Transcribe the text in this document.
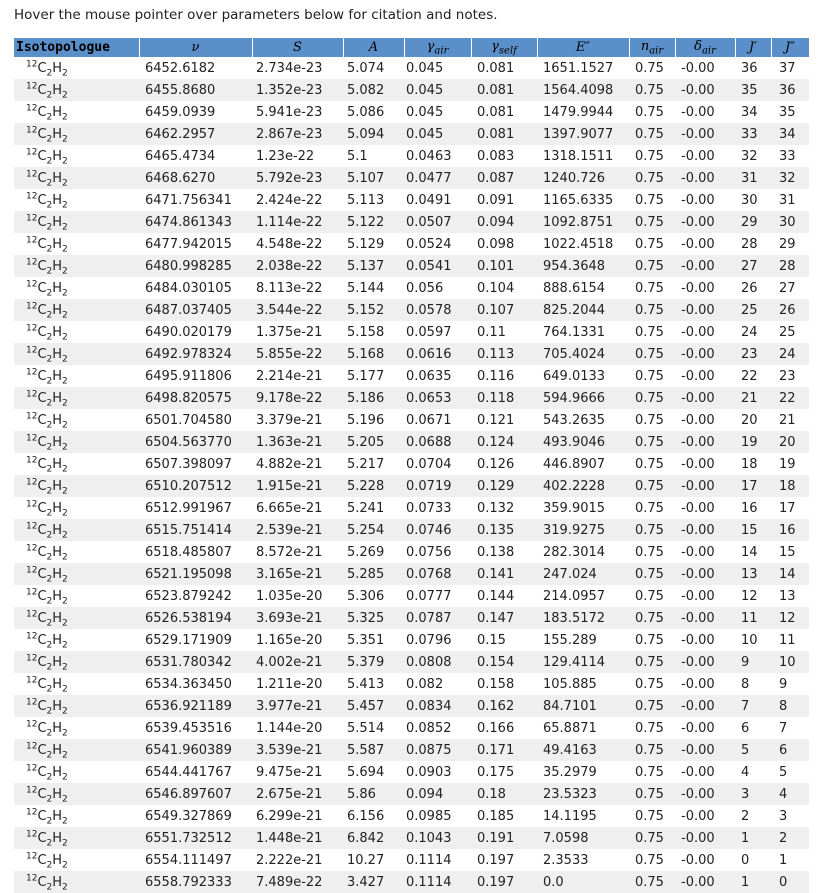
Hover the mouse pointer over parameters below for citation and notes.
Isotopologue	ν	S	A	$\gamma_{air}$	$\gamma_{self}$	E″	$n_{air}$	$\delta_{air}$	J′	J″
$^{12}C_2H_2$	6452.6182	2.734e-23	5.074	0.045	0.081	1651.1527	0.75	-0.00	36	37
$^{12}C_2H_2$	6455.8680	1.352e-23	5.082	0.045	0.081	1564.4098	0.75	-0.00	35	36
$^{12}C_2H_2$	6459.0939	5.941e-23	5.086	0.045	0.081	1479.9944	0.75	-0.00	34	35
$^{12}C_2H_2$	6462.2957	2.867e-23	5.094	0.045	0.081	1397.9077	0.75	-0.00	33	34
$^{12}C_2H_2$	6465.4734	1.23e-22	5.1	0.0463	0.083	1318.1511	0.75	-0.00	32	33
$^{12}C_2H_2$	6468.6270	5.792e-23	5.107	0.0477	0.087	1240.726	0.75	-0.00	31	32
$^{12}C_2H_2$	6471.756341	2.424e-22	5.113	0.0491	0.091	1165.6335	0.75	-0.00	30	31
$^{12}C_2H_2$	6474.861343	1.114e-22	5.122	0.0507	0.094	1092.8751	0.75	-0.00	29	30
$^{12}C_2H_2$	6477.942015	4.548e-22	5.129	0.0524	0.098	1022.4518	0.75	-0.00	28	29
$^{12}C_2H_2$	6480.998285	2.038e-22	5.137	0.0541	0.101	954.3648	0.75	-0.00	27	28
$^{12}C_2H_2$	6484.030105	8.113e-22	5.144	0.056	0.104	888.6154	0.75	-0.00	26	27
$^{12}C_2H_2$	6487.037405	3.544e-22	5.152	0.0578	0.107	825.2044	0.75	-0.00	25	26
$^{12}C_2H_2$	6490.020179	1.375e-21	5.158	0.0597	0.11	764.1331	0.75	-0.00	24	25
$^{12}C_2H_2$	6492.978324	5.855e-22	5.168	0.0616	0.113	705.4024	0.75	-0.00	23	24
$^{12}C_2H_2$	6495.911806	2.214e-21	5.177	0.0635	0.116	649.0133	0.75	-0.00	22	23
$^{12}C_2H_2$	6498.820575	9.178e-22	5.186	0.0653	0.118	594.9666	0.75	-0.00	21	22
$^{12}C_2H_2$	6501.704580	3.379e-21	5.196	0.0671	0.121	543.2635	0.75	-0.00	20	21
$^{12}C_2H_2$	6504.563770	1.363e-21	5.205	0.0688	0.124	493.9046	0.75	-0.00	19	20
$^{12}C_2H_2$	6507.398097	4.882e-21	5.217	0.0704	0.126	446.8907	0.75	-0.00	18	19
$^{12}C_2H_2$	6510.207512	1.915e-21	5.228	0.0719	0.129	402.2228	0.75	-0.00	17	18
$^{12}C_2H_2$	6512.991967	6.665e-21	5.241	0.0733	0.132	359.9015	0.75	-0.00	16	17
$^{12}C_2H_2$	6515.751414	2.539e-21	5.254	0.0746	0.135	319.9275	0.75	-0.00	15	16
$^{12}C_2H_2$	6518.485807	8.572e-21	5.269	0.0756	0.138	282.3014	0.75	-0.00	14	15
$^{12}C_2H_2$	6521.195098	3.165e-21	5.285	0.0768	0.141	247.024	0.75	-0.00	13	14
$^{12}C_2H_2$	6523.879242	1.035e-20	5.306	0.0777	0.144	214.0957	0.75	-0.00	12	13
$^{12}C_2H_2$	6526.538194	3.693e-21	5.325	0.0787	0.147	183.5172	0.75	-0.00	11	12
$^{12}C_2H_2$	6529.171909	1.165e-20	5.351	0.0796	0.15	155.289	0.75	-0.00	10	11
$^{12}C_2H_2$	6531.780342	4.002e-21	5.379	0.0808	0.154	129.4114	0.75	-0.00	9	10
$^{12}C_2H_2$	6534.363450	1.211e-20	5.413	0.082	0.158	105.885	0.75	-0.00	8	9
$^{12}C_2H_2$	6536.921189	3.977e-21	5.457	0.0834	0.162	84.7101	0.75	-0.00	7	8
$^{12}C_2H_2$	6539.453516	1.144e-20	5.514	0.0852	0.166	65.8871	0.75	-0.00	6	7
$^{12}C_2H_2$	6541.960389	3.539e-21	5.587	0.0875	0.171	49.4163	0.75	-0.00	5	6
$^{12}C_2H_2$	6544.441767	9.475e-21	5.694	0.0903	0.175	35.2979	0.75	-0.00	4	5
$^{12}C_2H_2$	6546.897607	2.675e-21	5.86	0.094	0.18	23.5323	0.75	-0.00	3	4
$^{12}C_2H_2$	6549.327869	6.299e-21	6.156	0.0985	0.185	14.1195	0.75	-0.00	2	3
$^{12}C_2H_2$	6551.732512	1.448e-21	6.842	0.1043	0.191	7.0598	0.75	-0.00	1	2
$^{12}C_2H_2$	6554.111497	2.222e-21	10.27	0.1114	0.197	2.3533	0.75	-0.00	0	1
$^{12}C_2H_2$	6558.792333	7.489e-22	3.427	0.1114	0.197	0.0	0.75	-0.00	1	0
